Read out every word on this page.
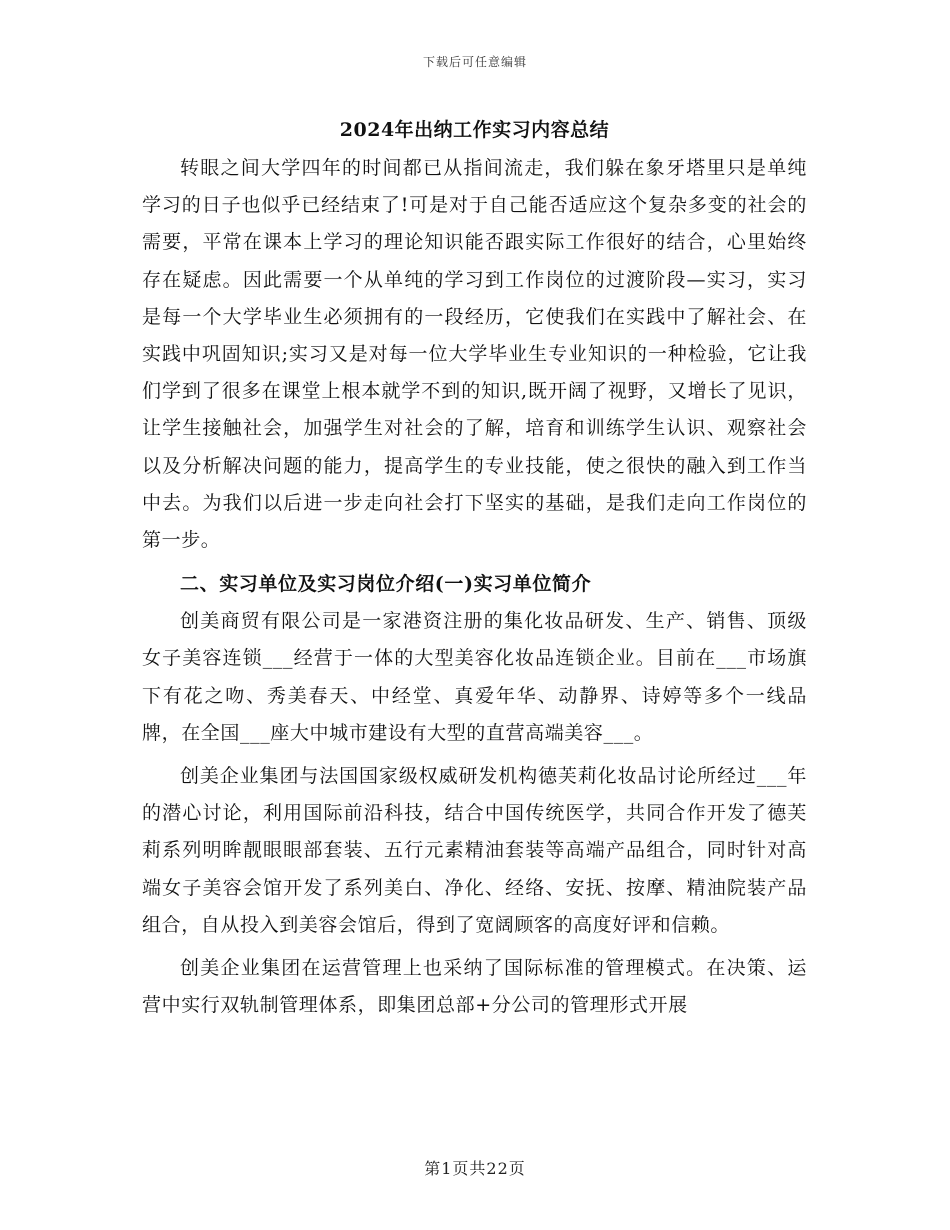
下载后可任意编辑
2024年出纳工作实习内容总结

转眼之间大学四年的时间都已从指间流走，我们躲在象牙塔里只是单纯学习的日子也似乎已经结束了!可是对于自己能否适应这个复杂多变的社会的需要，平常在课本上学习的理论知识能否跟实际工作很好的结合，心里始终存在疑虑。因此需要一个从单纯的学习到工作岗位的过渡阶段—实习，实习是每一个大学毕业生必须拥有的一段经历，它使我们在实践中了解社会、在实践中巩固知识;实习又是对每一位大学毕业生专业知识的一种检验，它让我们学到了很多在课堂上根本就学不到的知识,既开阔了视野，又增长了见识，让学生接触社会，加强学生对社会的了解，培育和训练学生认识、观察社会以及分析解决问题的能力，提高学生的专业技能，使之很快的融入到工作当中去。为我们以后进一步走向社会打下坚实的基础，是我们走向工作岗位的第一步。

二、实习单位及实习岗位介绍(一)实习单位简介

创美商贸有限公司是一家港资注册的集化妆品研发、生产、销售、顶级女子美容连锁___经营于一体的大型美容化妆品连锁企业。目前在___市场旗下有花之吻、秀美春天、中经堂、真爱年华、动静界、诗婷等多个一线品牌，在全国___座大中城市建设有大型的直营高端美容___。

创美企业集团与法国国家级权威研发机构德芙莉化妆品讨论所经过___年的潜心讨论，利用国际前沿科技，结合中国传统医学，共同合作开发了德芙莉系列明眸靓眼眼部套装、五行元素精油套装等高端产品组合，同时针对高端女子美容会馆开发了系列美白、净化、经络、安抚、按摩、精油院装产品组合，自从投入到美容会馆后，得到了宽阔顾客的高度好评和信赖。

创美企业集团在运营管理上也采纳了国际标准的管理模式。在决策、运营中实行双轨制管理体系，即集团总部+分公司的管理形式开展

第1页共22页
